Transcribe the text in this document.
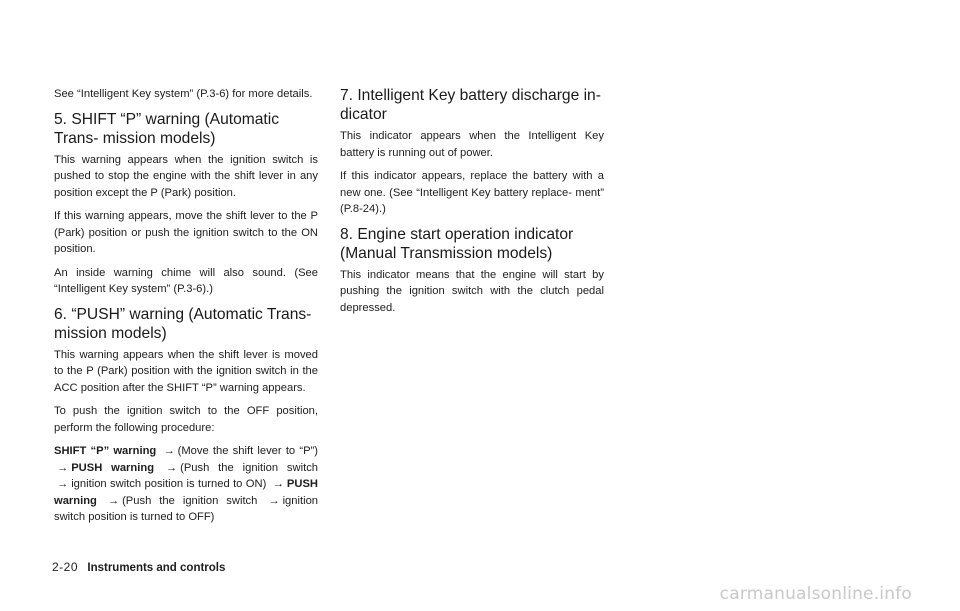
See “Intelligent Key system” (P.3-6) for more details.

5. SHIFT “P” warning (Automatic Trans- mission models)

This warning appears when the ignition switch is pushed to stop the engine with the shift lever in any position except the P (Park) position.

If this warning appears, move the shift lever to the P (Park) position or push the ignition switch to the ON position.

An inside warning chime will also sound. (See “Intelligent Key system” (P.3-6).)

6. “PUSH” warning (Automatic Trans- mission models)

This warning appears when the shift lever is moved to the P (Park) position with the ignition switch in the ACC position after the SHIFT “P” warning appears.

To push the ignition switch to the OFF position, perform the following procedure:

SHIFT “P” warning → (Move the shift lever to “P”) → PUSH warning → (Push the ignition switch → ignition switch position is turned to ON) → PUSH warning → (Push the ignition switch → ignition switch position is turned to OFF)

7. Intelligent Key battery discharge in- dicator

This indicator appears when the Intelligent Key battery is running out of power.

If this indicator appears, replace the battery with a new one. (See “Intelligent Key battery replace- ment” (P.8-24).)

8. Engine start operation indicator (Manual Transmission models)

This indicator means that the engine will start by pushing the ignition switch with the clutch pedal depressed.

2-20 Instruments and controls
carmanualsonline.info
